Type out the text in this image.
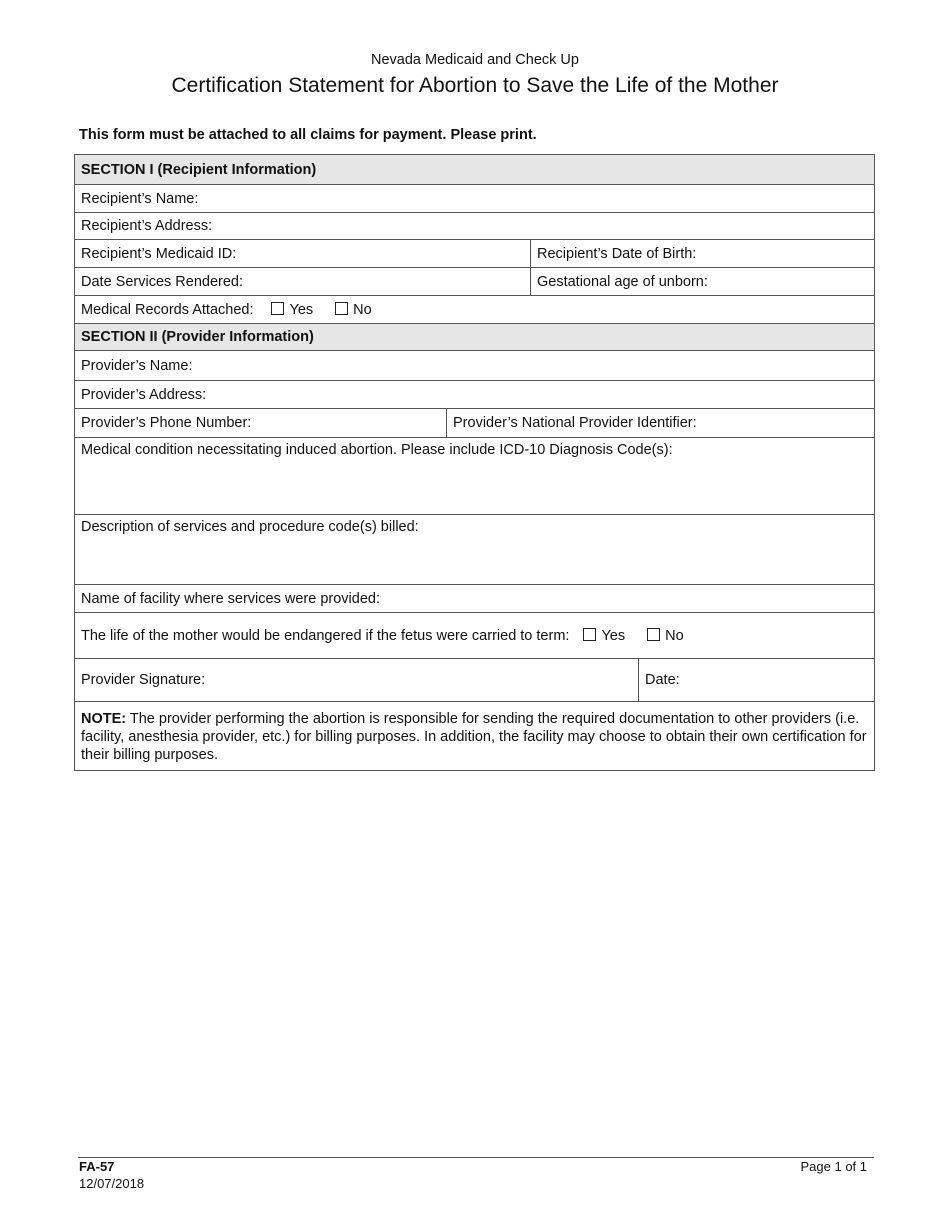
Nevada Medicaid and Check Up
Certification Statement for Abortion to Save the Life of the Mother
This form must be attached to all claims for payment. Please print.
SECTION I (Recipient Information)
Recipient’s Name:
Recipient’s Address:
Recipient’s Medicaid ID:	Recipient’s Date of Birth:
Date Services Rendered:	Gestational age of unborn:
Medical Records Attached: Yes	No
SECTION II (Provider Information)
Provider’s Name:
Provider’s Address:
Provider’s Phone Number:	Provider’s National Provider Identifier:
Medical condition necessitating induced abortion. Please include ICD-10 Diagnosis Code(s):
Description of services and procedure code(s) billed:
Name of facility where services were provided:
The life of the mother would be endangered if the fetus were carried to term: Yes	No
Provider Signature:	Date:
NOTE: The provider performing the abortion is responsible for sending the required documentation to other providers (i.e. facility, anesthesia provider, etc.) for billing purposes. In addition, the facility may choose to obtain their own certification for their billing purposes.
FA-57
12/07/2018
Page 1 of 1
